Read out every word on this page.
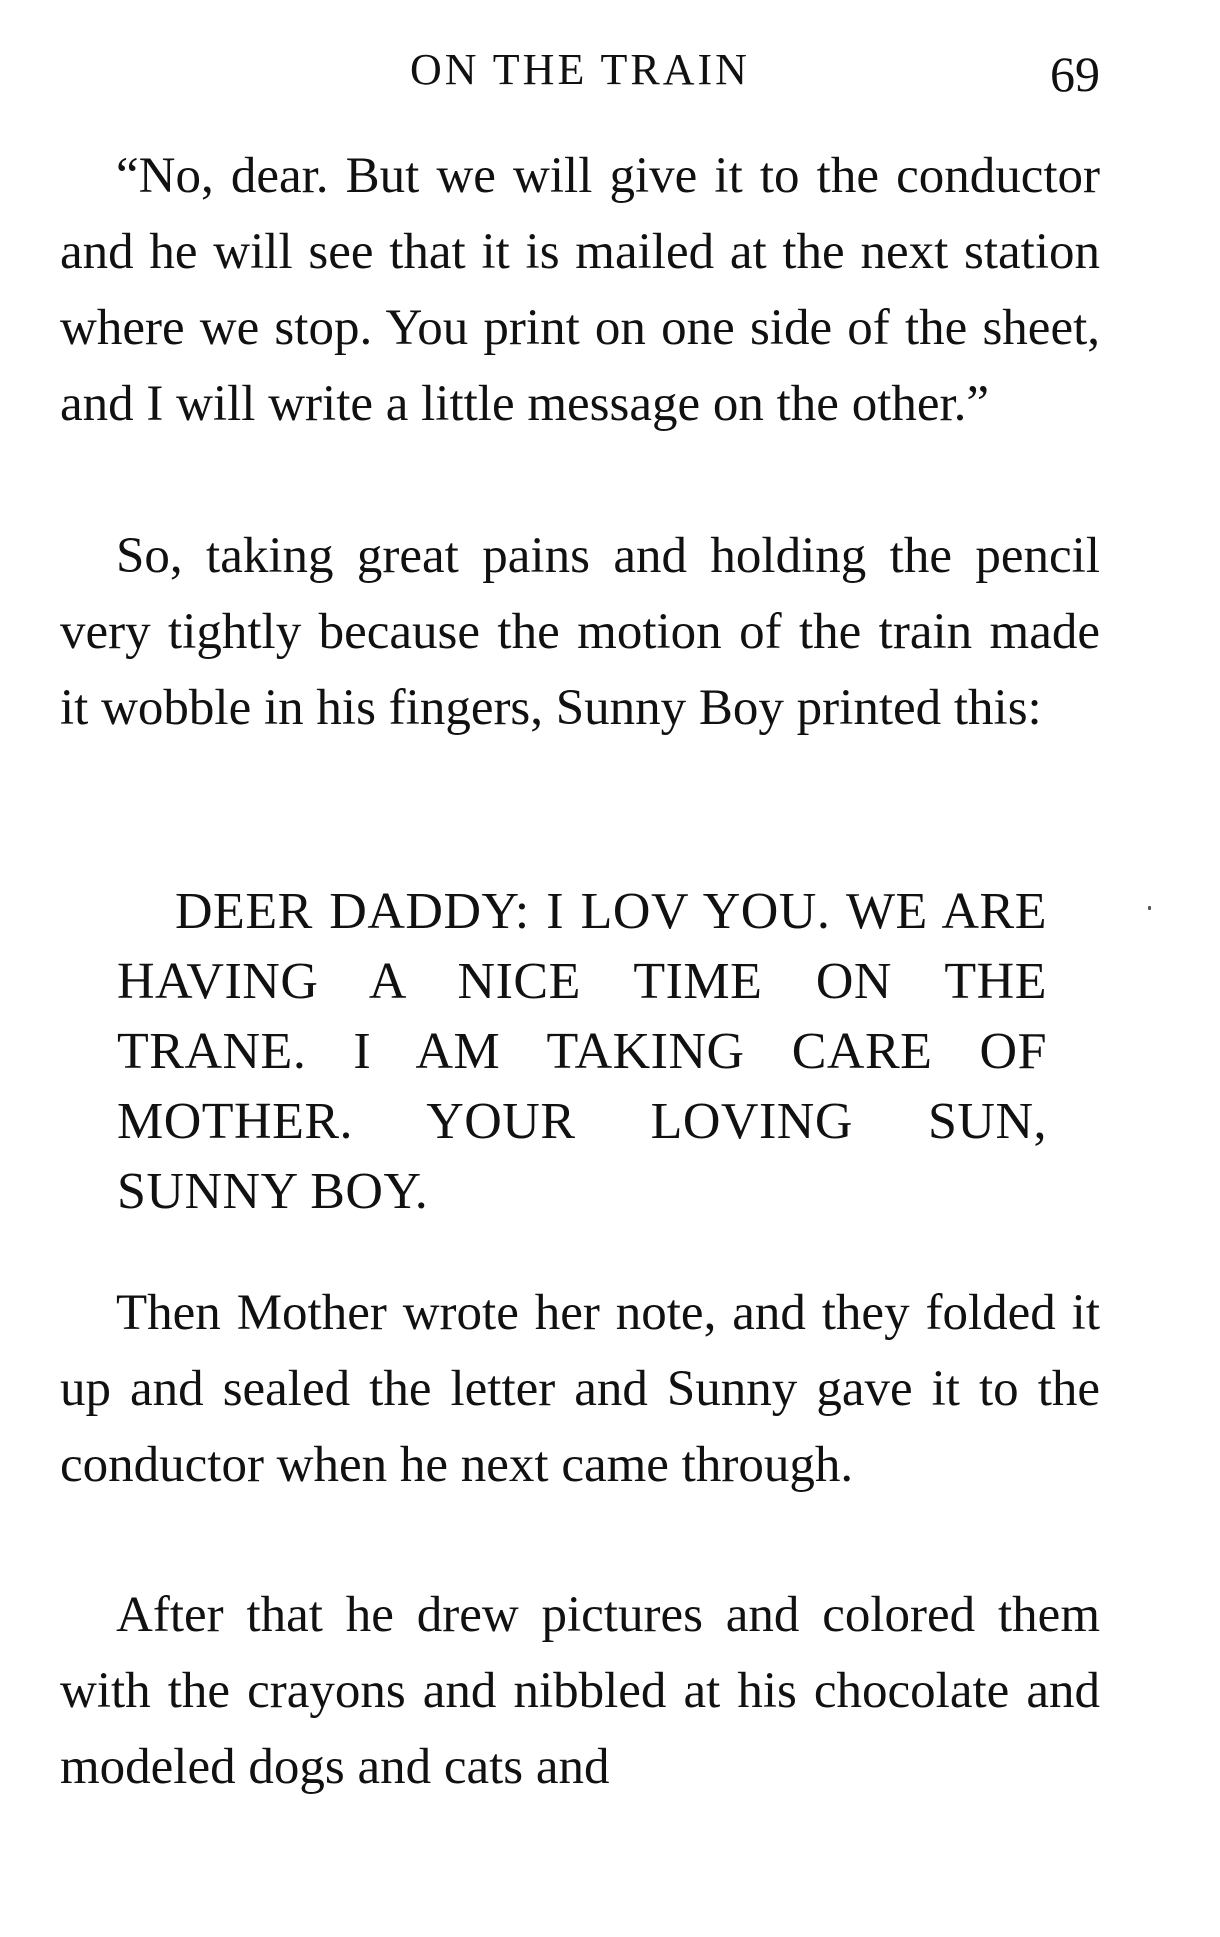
ON THE TRAIN	69

“No, dear. But we will give it to the conductor and he will see that it is mailed at the next station where we stop. You print on one side of the sheet, and I will write a little message on the other.”

So, taking great pains and holding the pencil very tightly because the motion of the train made it wobble in his fingers, Sunny Boy printed this:

DEER DADDY: I LOV YOU. WE ARE HAVING A NICE TIME ON THE TRANE. I AM TAKING CARE OF MOTHER. YOUR LOVING SUN, SUNNY BOY.

Then Mother wrote her note, and they folded it up and sealed the letter and Sunny gave it to the conductor when he next came through.

After that he drew pictures and colored them with the crayons and nibbled at his chocolate and modeled dogs and cats and
